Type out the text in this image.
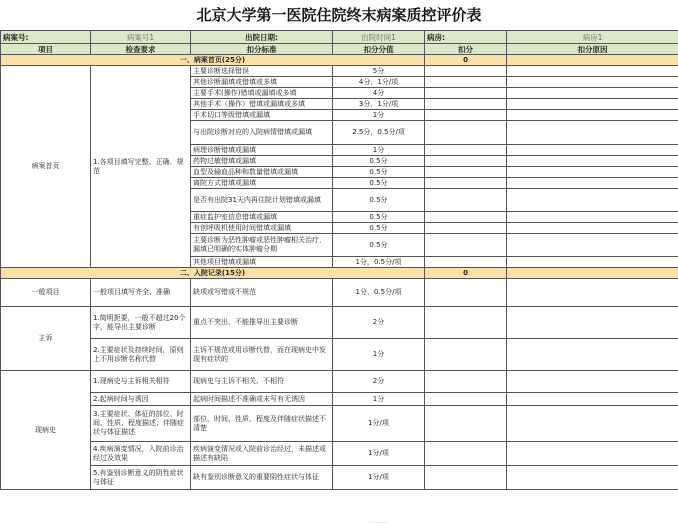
北京大学第一医院住院终末病案质控评价表
病案号:	病案号1	出院日期:	出院时间1	病房:	病房1
项目	检查要求	扣分标准	扣分分值	扣分	扣分原因
一、病案首页(25分)				0	
病案首页	1.各项目填写完整、正确、规范	主要诊断选择错误	5分		
		其他诊断漏填或错填或多填	4分，1分/项		
		主要手术(操作)错填或漏填或多填	4分		
		其他手术（操作）错填或漏填或多填	3分，1分/项		
		手术切口等级错填或漏填	1分		
		与出院诊断对应的入院病情错填或漏填	2.5分，0.5分/项		
		病理诊断错填或漏填	1分		
		药物过敏错填或漏填	0.5分		
		血型及输血品种和数量错填或漏填	0.5分		
		离院方式错填或漏填	0.5分		
		是否有出院31天内再住院计划错填或漏填	0.5分		
		重症监护室信息错填或漏填	0.5分		
		有创呼吸机使用时间错填或漏填	0.5分		
		主要诊断为恶性肿瘤或恶性肿瘤相关治疗，漏填已明确的实体肿瘤分期	0.5分		
		其他项目错填或漏填	1分，0.5分/项		
二、入院记录(15分)				0	
一般项目	一般项目填写齐全、准确	缺项或写错或不规范	1分，0.5分/项		
主诉	1.简明扼要，一般不超过20个字，能导出主要诊断	重点不突出，不能推导出主要诊断	2分		
	2.主要症状及持续时间，原则上不用诊断名称代替	主诉不规范或用诊断代替，而在现病史中发现有症状的	1分		
现病史	1.现病史与主诉相关相符	现病史与主诉不相关、不相符	2分		
	2.起病时间与诱因	起病时间描述不准确或未写有无诱因	1分		
	3.主要症状、体征的部位、时间、性质、程度描述；伴随症状与体征描述	部位、时间、性质、程度及伴随症状描述不清楚	1分/项		
	4.疾病演变情况，入院前诊治经过及效果	疾病演变情况或入院前诊治经过，未描述或描述有缺陷	1分/项		
	5.有鉴别诊断意义的阴性症状与体征	缺有鉴别诊断意义的重要阴性症状与体征	1分/项		
......
